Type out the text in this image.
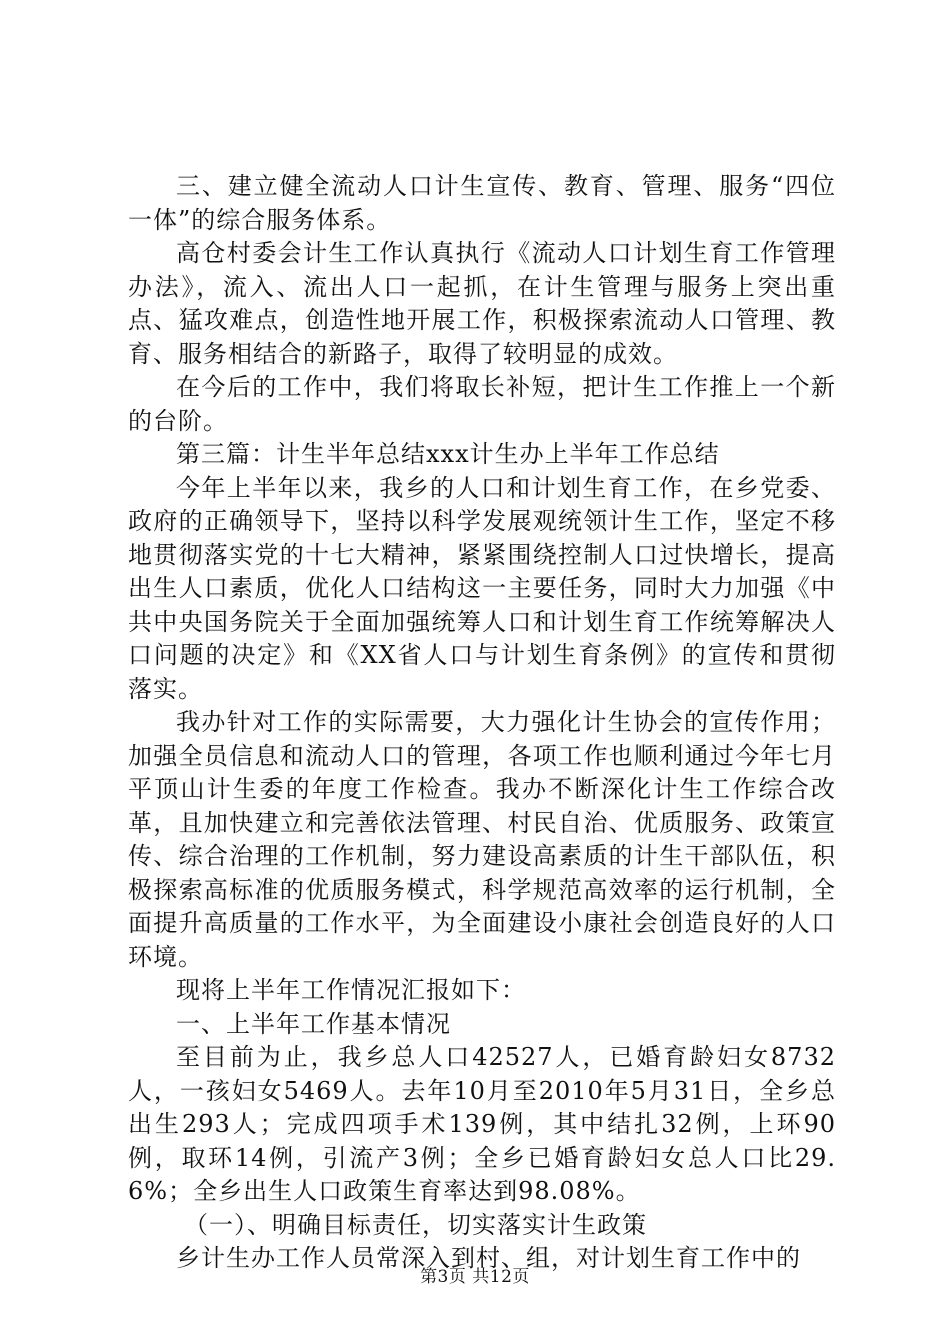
三、建立健全流动人口计生宣传、教育、管理、服务“四位一体”的综合服务体系。

高仓村委会计生工作认真执行《流动人口计划生育工作管理办法》，流入、流出人口一起抓，在计生管理与服务上突出重点、猛攻难点，创造性地开展工作，积极探索流动人口管理、教育、服务相结合的新路子，取得了较明显的成效。

在今后的工作中，我们将取长补短，把计生工作推上一个新的台阶。

第三篇：计生半年总结xxx计生办上半年工作总结

今年上半年以来，我乡的人口和计划生育工作，在乡党委、政府的正确领导下，坚持以科学发展观统领计生工作，坚定不移地贯彻落实党的十七大精神，紧紧围绕控制人口过快增长，提高出生人口素质，优化人口结构这一主要任务，同时大力加强《中共中央国务院关于全面加强统筹人口和计划生育工作统筹解决人口问题的决定》和《XX省人口与计划生育条例》的宣传和贯彻落实。

我办针对工作的实际需要，大力强化计生协会的宣传作用；加强全员信息和流动人口的管理，各项工作也顺利通过今年七月平顶山计生委的年度工作检查。我办不断深化计生工作综合改革，且加快建立和完善依法管理、村民自治、优质服务、政策宣传、综合治理的工作机制，努力建设高素质的计生干部队伍，积极探索高标准的优质服务模式，科学规范高效率的运行机制，全面提升高质量的工作水平，为全面建设小康社会创造良好的人口环境。

现将上半年工作情况汇报如下：

一、上半年工作基本情况

至目前为止，我乡总人口42527人，已婚育龄妇女8732人，一孩妇女5469人。去年10月至2010年5月31日，全乡总出生293人；完成四项手术139例，其中结扎32例，上环90例，取环14例，引流产3例；全乡已婚育龄妇女总人口比29.6%；全乡出生人口政策生育率达到98.08%。

（一）、明确目标责任，切实落实计生政策

乡计生办工作人员常深入到村、组，对计划生育工作中的

第3页 共12页
